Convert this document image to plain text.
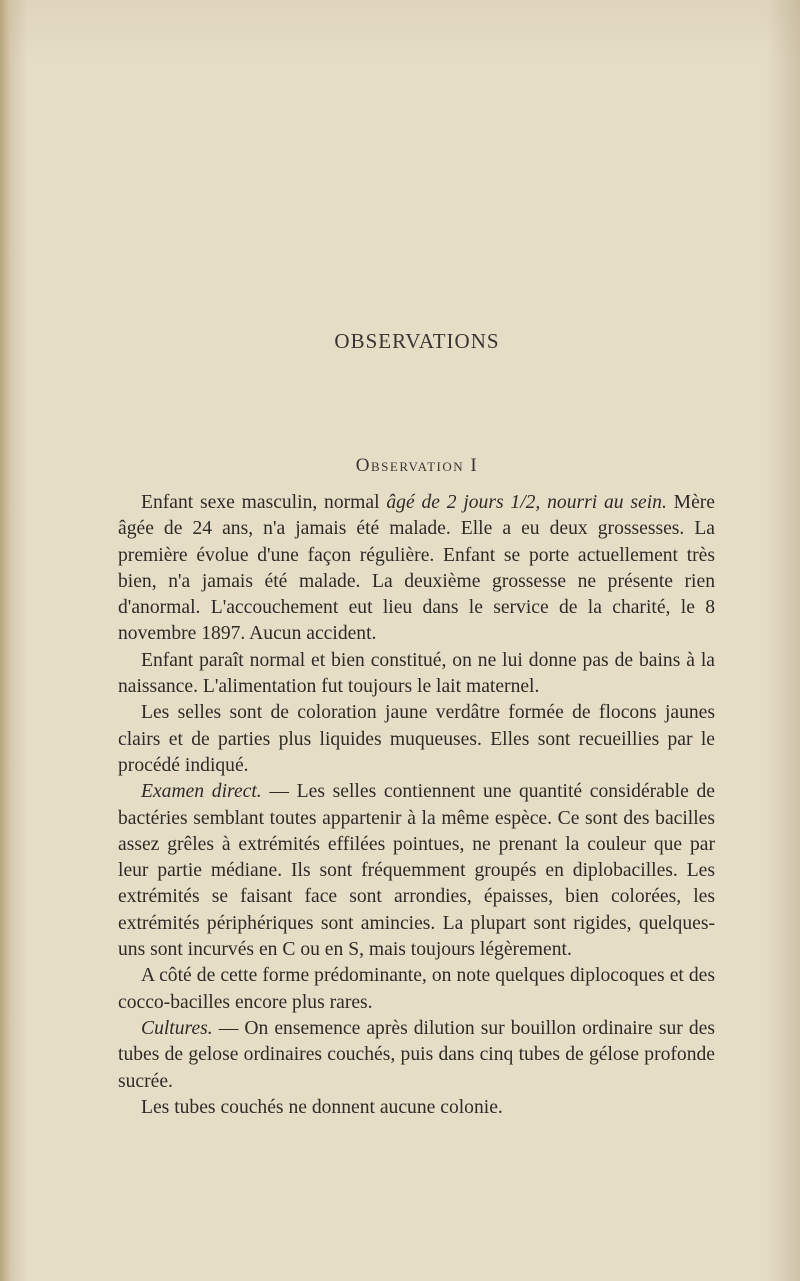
OBSERVATIONS
Observation I

Enfant sexe masculin, normal âgé de 2 jours 1/2, nourri au sein. Mère âgée de 24 ans, n'a jamais été malade. Elle a eu deux grossesses. La première évolue d'une façon régulière. Enfant se porte actuellement très bien, n'a jamais été malade. La deuxième grossesse ne présente rien d'anormal. L'accouchement eut lieu dans le service de la charité, le 8 novembre 1897. Aucun accident.

Enfant paraît normal et bien constitué, on ne lui donne pas de bains à la naissance. L'alimentation fut toujours le lait maternel.

Les selles sont de coloration jaune verdâtre formée de flocons jaunes clairs et de parties plus liquides muqueuses. Elles sont recueillies par le procédé indiqué.

Examen direct. — Les selles contiennent une quantité considérable de bactéries semblant toutes appartenir à la même espèce. Ce sont des bacilles assez grêles à extrémités effilées pointues, ne prenant la couleur que par leur partie médiane. Ils sont fréquemment groupés en diplobacilles. Les extrémités se faisant face sont arrondies, épaisses, bien colorées, les extrémités périphériques sont amincies. La plupart sont rigides, quelques-uns sont incurvés en C ou en S, mais toujours légèrement.

A côté de cette forme prédominante, on note quelques diplocoques et des cocco-bacilles encore plus rares.

Cultures. — On ensemence après dilution sur bouillon ordinaire sur des tubes de gelose ordinaires couchés, puis dans cinq tubes de gélose profonde sucrée.

Les tubes couchés ne donnent aucune colonie.
